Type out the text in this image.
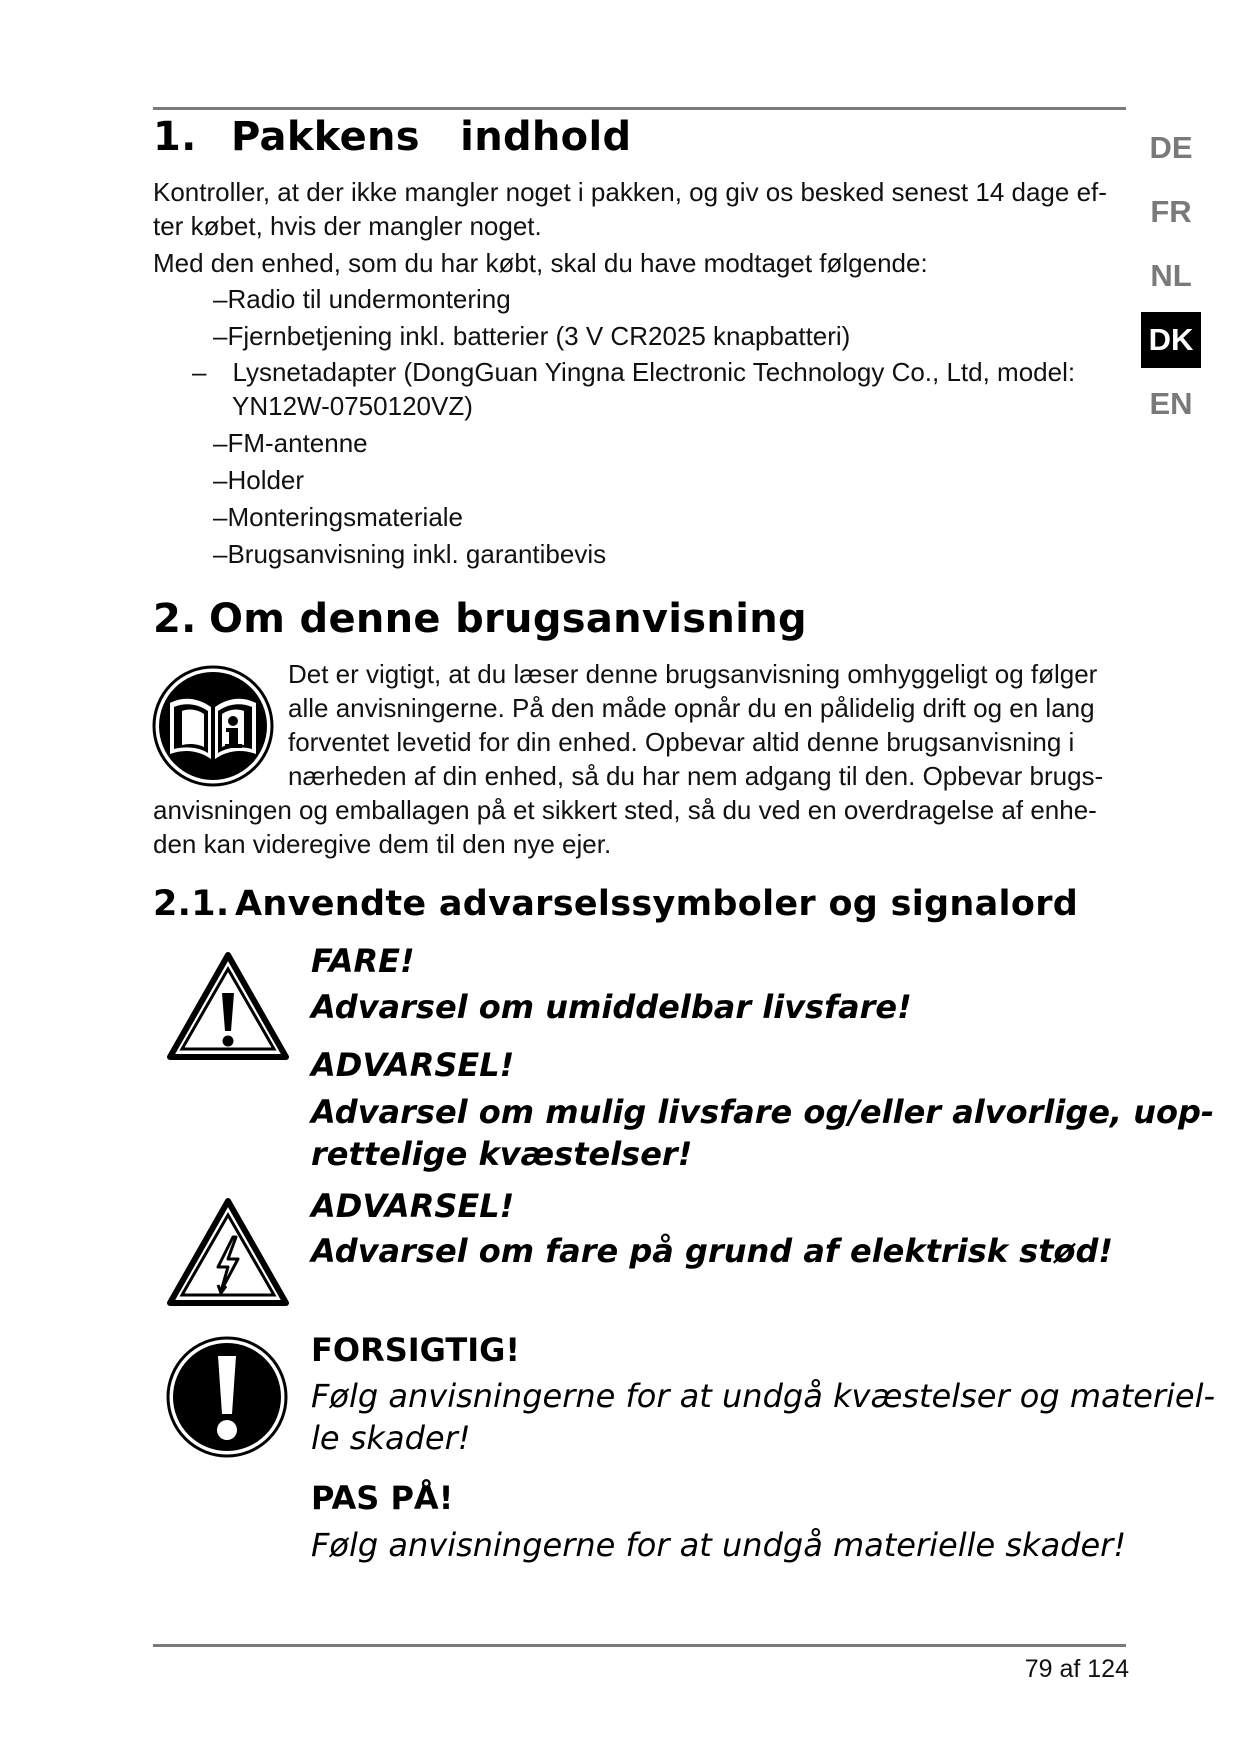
DE
FR
NL
DK
EN
1. Pakkens indhold

Kontroller, at der ikke mangler noget i pakken, og giv os besked senest 14 dage ef-

ter købet, hvis der mangler noget.

Med den enhed, som du har købt, skal du have modtaget følgende:

–Radio til undermontering

–Fjernbetjening inkl. batterier (3 V CR2025 knapbatteri)

– Lysnetadapter (DongGuan Yingna Electronic Technology Co., Ltd, model:

YN12W-0750120VZ)

–FM-antenne

–Holder

–Monteringsmateriale

–Brugsanvisning inkl. garantibevis

2. Om denne brugsanvisning

Det er vigtigt, at du læser denne brugsanvisning omhyggeligt og følger

alle anvisningerne. På den måde opnår du en pålidelig drift og en lang

forventet levetid for din enhed. Opbevar altid denne brugsanvisning i

nærheden af din enhed, så du har nem adgang til den. Opbevar brugs-

anvisningen og emballagen på et sikkert sted, så du ved en overdragelse af enhe-

den kan videregive dem til den nye ejer.

2.1. Anvendte advarselssymboler og signalord

FARE!

Advarsel om umiddelbar livsfare!

ADVARSEL!

Advarsel om mulig livsfare og/eller alvorlige, uop-

rettelige kvæstelser!

ADVARSEL!

Advarsel om fare på grund af elektrisk stød!

FORSIGTIG!

Følg anvisningerne for at undgå kvæstelser og materiel-

le skader!

PAS PÅ!

Følg anvisningerne for at undgå materielle skader!

79 af 124
